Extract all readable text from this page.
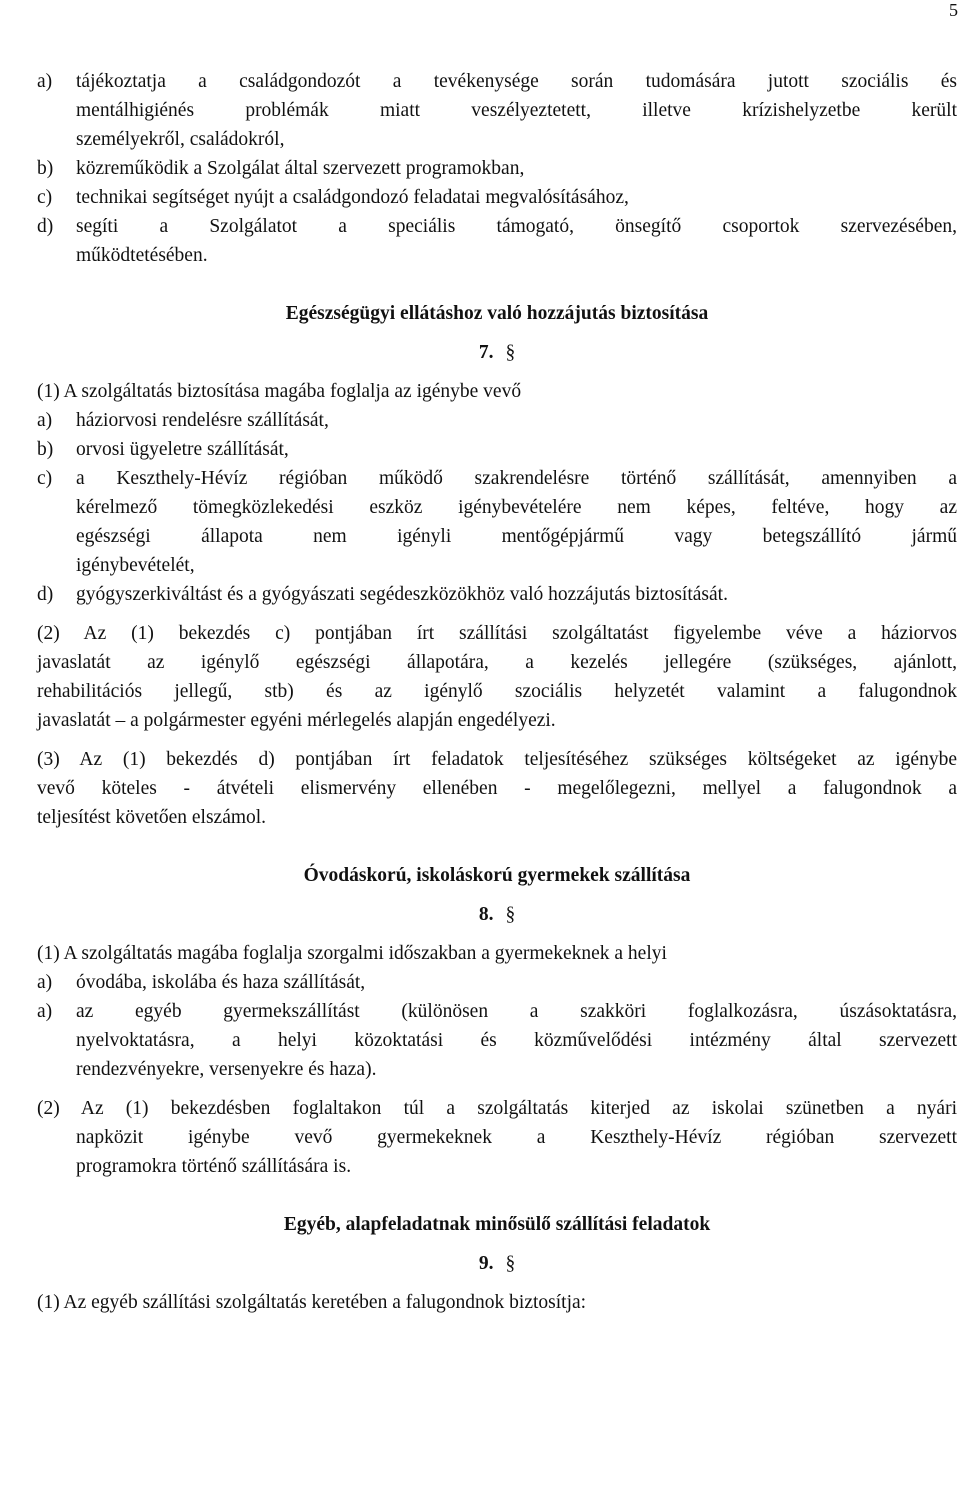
5
a)	tájékoztatja a családgondozót a tevékenysége során tudomására jutott szociális és
mentálhigiénés problémák miatt veszélyeztetett, illetve krízishelyzetbe került
személyekről, családokról,
b)	közreműködik a Szolgálat által szervezett programokban,
c)	technikai segítséget nyújt a családgondozó feladatai megvalósításához,
d)	segíti a Szolgálatot a speciális támogató, önsegítő csoportok szervezésében,
működtetésében.
Egészségügyi ellátáshoz való hozzájutás biztosítása
7. §
(1) A szolgáltatás biztosítása magába foglalja az igénybe vevő
a)	háziorvosi rendelésre szállítását,
b)	orvosi ügyeletre szállítását,
c)	a Keszthely-Hévíz régióban működő szakrendelésre történő szállítását, amennyiben a
kérelmező tömegközlekedési eszköz igénybevételére nem képes, feltéve, hogy az
egészségi állapota nem igényli mentőgépjármű vagy betegszállító jármű
igénybevételét,
d)	gyógyszerkiváltást és a gyógyászati segédeszközökhöz való hozzájutás biztosítását.
(2) Az (1) bekezdés c) pontjában írt szállítási szolgáltatást figyelembe véve a háziorvos
javaslatát az igénylő egészségi állapotára, a kezelés jellegére (szükséges, ajánlott,
rehabilitációs jellegű, stb) és az igénylő szociális helyzetét valamint a falugondnok
javaslatát – a polgármester egyéni mérlegelés alapján engedélyezi.
(3) Az (1) bekezdés d) pontjában írt feladatok teljesítéséhez szükséges költségeket az igénybe
vevő köteles - átvételi elismervény ellenében - megelőlegezni, mellyel a falugondnok a
teljesítést követően elszámol.
Óvodáskorú, iskoláskorú gyermekek szállítása
8. §
(1) A szolgáltatás magába foglalja szorgalmi időszakban a gyermekeknek a helyi
a)	óvodába, iskolába és haza szállítását,
a)	az egyéb gyermekszállítást (különösen a szakköri foglalkozásra, úszásoktatásra,
nyelvoktatásra, a helyi közoktatási és közművelődési intézmény által szervezett
rendezvényekre, versenyekre és haza).
(2) Az (1) bekezdésben foglaltakon túl a szolgáltatás kiterjed az iskolai szünetben a nyári
napközit igénybe vevő gyermekeknek a Keszthely-Hévíz régióban szervezett
programokra történő szállítására is.
Egyéb, alapfeladatnak minősülő szállítási feladatok
9. §
(1) Az egyéb szállítási szolgáltatás keretében a falugondnok biztosítja:
